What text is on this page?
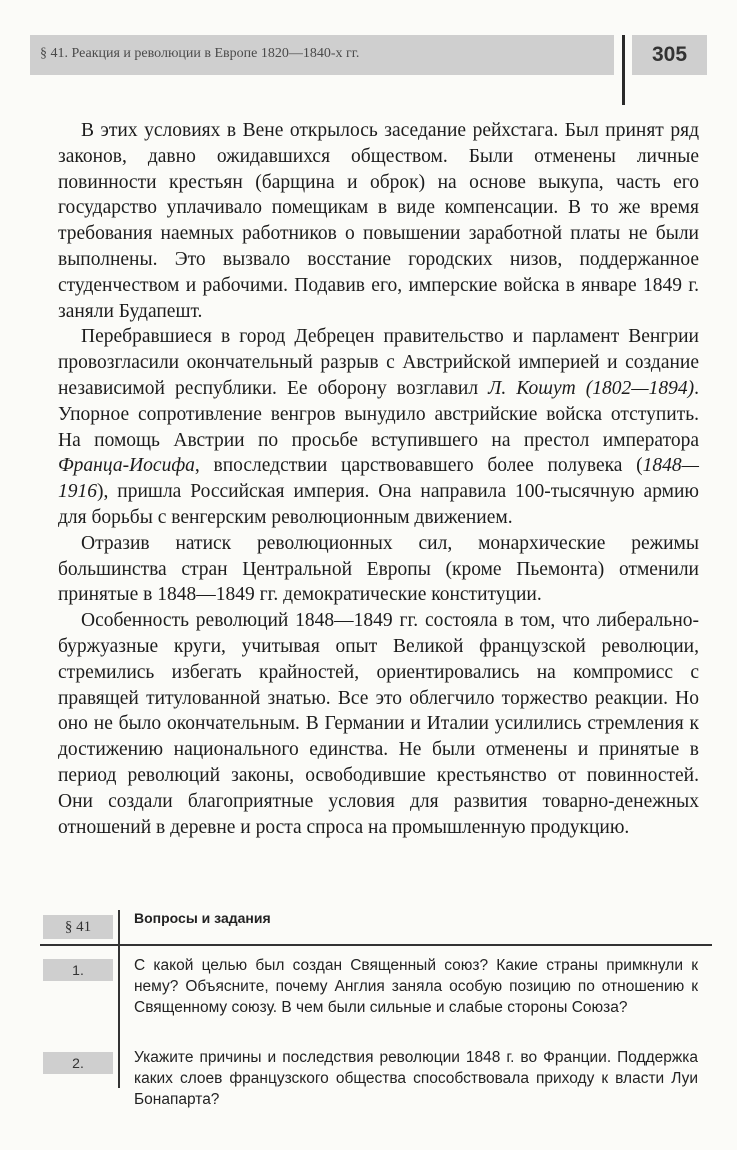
§ 41. Реакция и революции в Европе 1820—1840-х гг.	305

В этих условиях в Вене открылось заседание рейхстага. Был принят ряд законов, давно ожидавшихся обществом. Были отменены личные повинности крестьян (барщина и оброк) на основе выкупа, часть его государство уплачивало помещикам в виде компенсации. В то же время требования наемных работников о повышении заработной платы не были выполнены. Это вызвало восстание городских низов, поддержанное студенчеством и рабочими. Подавив его, имперские войска в январе 1849 г. заняли Будапешт.

Перебравшиеся в город Дебрецен правительство и парламент Венгрии провозгласили окончательный разрыв с Австрийской империей и создание независимой республики. Ее оборону возглавил Л. Кошут (1802—1894). Упорное сопротивление венгров вынудило австрийские войска отступить. На помощь Австрии по просьбе вступившего на престол императора Франца-Иосифа, впоследствии царствовавшего более полувека (1848—1916), пришла Российская империя. Она направила 100-тысячную армию для борьбы с венгерским революционным движением.

Отразив натиск революционных сил, монархические режимы большинства стран Центральной Европы (кроме Пьемонта) отменили принятые в 1848—1849 гг. демократические конституции.

Особенность революций 1848—1849 гг. состояла в том, что либерально-буржуазные круги, учитывая опыт Великой французской революции, стремились избегать крайностей, ориентировались на компромисс с правящей титулованной знатью. Все это облегчило торжество реакции. Но оно не было окончательным. В Германии и Италии усилились стремления к достижению национального единства. Не были отменены и принятые в период революций законы, освободившие крестьянство от повинностей. Они создали благоприятные условия для развития товарно-денежных отношений в деревне и роста спроса на промышленную продукцию.

§ 41
Вопросы и задания
1.	С какой целью был создан Священный союз? Какие страны примкнули к нему? Объясните, почему Англия заняла особую позицию по отношению к Священному союзу. В чем были сильные и слабые стороны Союза?
2.	Укажите причины и последствия революции 1848 г. во Франции. Поддержка каких слоев французского общества способствовала приходу к власти Луи Бонапарта?
